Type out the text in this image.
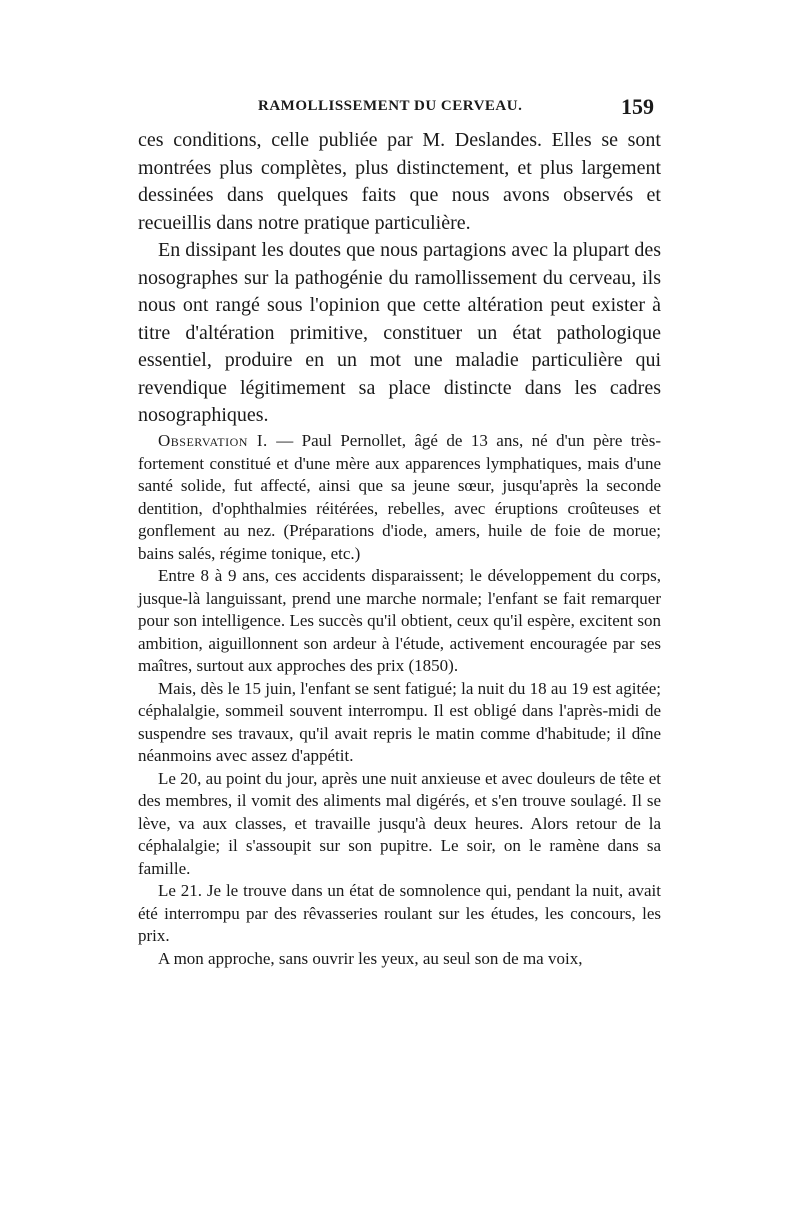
RAMOLLISSEMENT DU CERVEAU.	159

ces conditions, celle publiée par M. Deslandes. Elles se sont montrées plus complètes, plus distinctement, et plus largement dessinées dans quelques faits que nous avons observés et recueillis dans notre pratique particulière.

En dissipant les doutes que nous partagions avec la plupart des nosographes sur la pathogénie du ramollissement du cerveau, ils nous ont rangé sous l'opinion que cette altération peut exister à titre d'altération primitive, constituer un état pathologique essentiel, produire en un mot une maladie particulière qui revendique légitimement sa place distincte dans les cadres nosographiques.

Observation I. — Paul Pernollet, âgé de 13 ans, né d'un père très-fortement constitué et d'une mère aux apparences lymphatiques, mais d'une santé solide, fut affecté, ainsi que sa jeune sœur, jusqu'après la seconde dentition, d'ophthalmies réitérées, rebelles, avec éruptions croûteuses et gonflement au nez. (Préparations d'iode, amers, huile de foie de morue; bains salés, régime tonique, etc.)

Entre 8 à 9 ans, ces accidents disparaissent; le développement du corps, jusque-là languissant, prend une marche normale; l'enfant se fait remarquer pour son intelligence. Les succès qu'il obtient, ceux qu'il espère, excitent son ambition, aiguillonnent son ardeur à l'étude, activement encouragée par ses maîtres, surtout aux approches des prix (1850).

Mais, dès le 15 juin, l'enfant se sent fatigué; la nuit du 18 au 19 est agitée; céphalalgie, sommeil souvent interrompu. Il est obligé dans l'après-midi de suspendre ses travaux, qu'il avait repris le matin comme d'habitude; il dîne néanmoins avec assez d'appétit.

Le 20, au point du jour, après une nuit anxieuse et avec douleurs de tête et des membres, il vomit des aliments mal digérés, et s'en trouve soulagé. Il se lève, va aux classes, et travaille jusqu'à deux heures. Alors retour de la céphalalgie; il s'assoupit sur son pupitre. Le soir, on le ramène dans sa famille.

Le 21. Je le trouve dans un état de somnolence qui, pendant la nuit, avait été interrompu par des rêvasseries roulant sur les études, les concours, les prix.

A mon approche, sans ouvrir les yeux, au seul son de ma voix,
